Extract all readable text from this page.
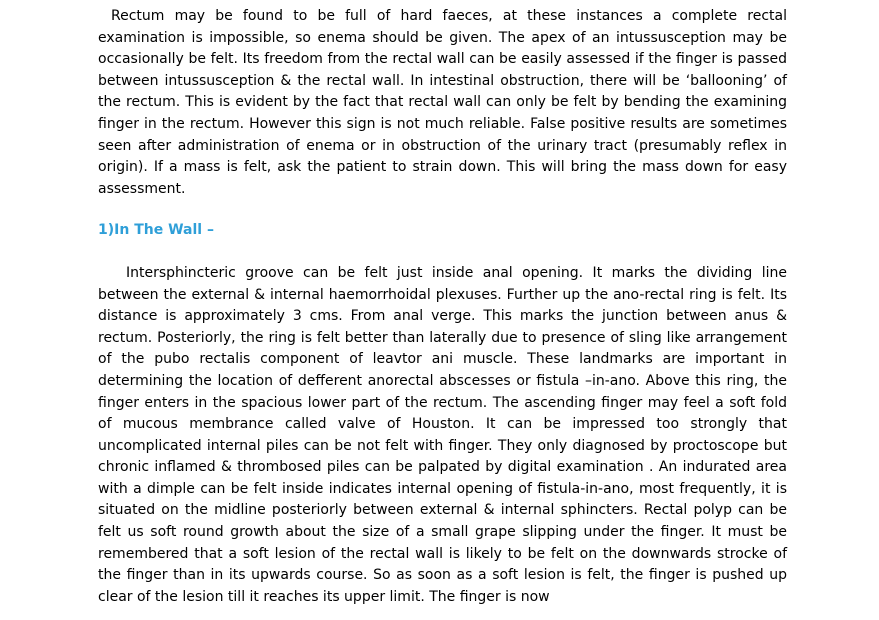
Rectum may be found to be full of hard faeces, at these instances a complete rectal examination is impossible, so enema should be given. The apex of an intussusception may be occasionally be felt. Its freedom from the rectal wall can be easily assessed if the finger is passed between intussusception & the rectal wall. In intestinal obstruction, there will be ‘ballooning’ of the rectum. This is evident by the fact that rectal wall can only be felt by bending the examining finger in the rectum. However this sign is not much reliable. False positive results are sometimes seen after administration of enema or in obstruction of the urinary tract (presumably reflex in origin). If a mass is felt, ask the patient to strain down. This will bring the mass down for easy assessment.

1)In The Wall –

Intersphincteric groove can be felt just inside anal opening. It marks the dividing line between the external & internal haemorrhoidal plexuses. Further up the ano-rectal ring is felt. Its distance is approximately 3 cms. From anal verge. This marks the junction between anus & rectum. Posteriorly, the ring is felt better than laterally due to presence of sling like arrangement of the pubo rectalis component of leavtor ani muscle. These landmarks are important in determining the location of defferent anorectal abscesses or fistula –in-ano. Above this ring, the finger enters in the spacious lower part of the rectum. The ascending finger may feel a soft fold of mucous membrance called valve of Houston. It can be impressed too strongly that uncomplicated internal piles can be not felt with finger. They only diagnosed by proctoscope but chronic inflamed & thrombosed piles can be palpated by digital examination . An indurated area with a dimple can be felt inside indicates internal opening of fistula-in-ano, most frequently, it is situated on the midline posteriorly between external & internal sphincters. Rectal polyp can be felt us soft round growth about the size of a small grape slipping under the finger. It must be remembered that a soft lesion of the rectal wall is likely to be felt on the downwards strocke of the finger than in its upwards course. So as soon as a soft lesion is felt, the finger is pushed up clear of the lesion till it reaches its upper limit. The finger is now
